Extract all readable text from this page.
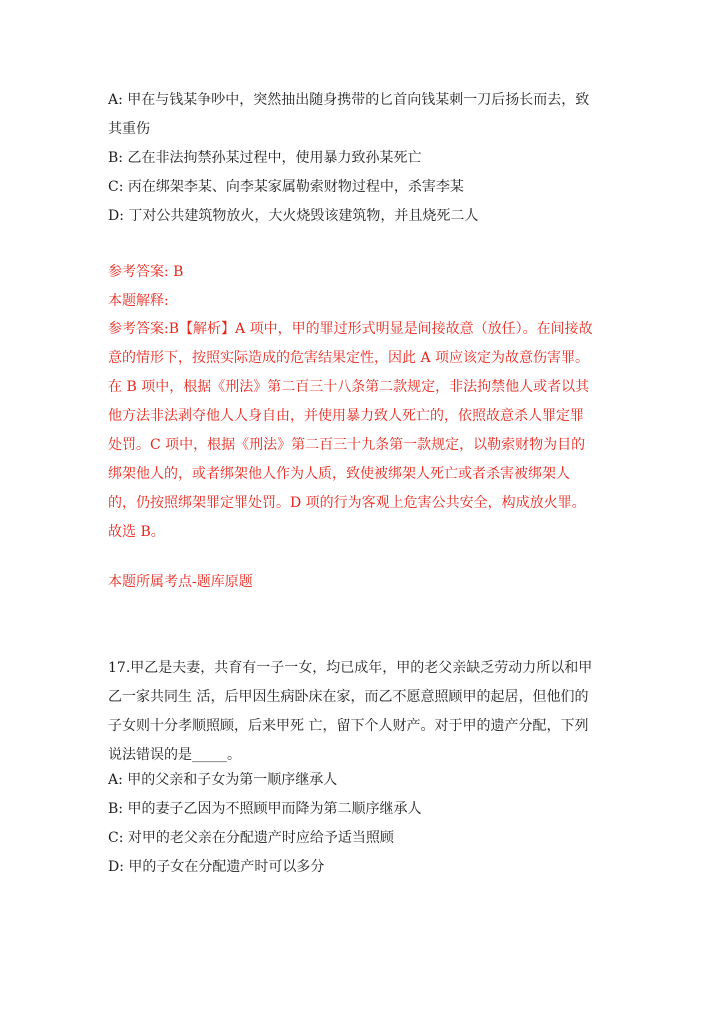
A: 甲在与钱某争吵中，突然抽出随身携带的匕首向钱某刺一刀后扬长而去，致
其重伤
B: 乙在非法拘禁孙某过程中，使用暴力致孙某死亡
C: 丙在绑架李某、向李某家属勒索财物过程中，杀害李某
D: 丁对公共建筑物放火，大火烧毁该建筑物，并且烧死二人
参考答案: B
本题解释:
参考答案:B【解析】A 项中，甲的罪过形式明显是间接故意（放任）。在间接故
意的情形下，按照实际造成的危害结果定性，因此 A 项应该定为故意伤害罪。
在 B 项中，根据《刑法》第二百三十八条第二款规定，非法拘禁他人或者以其
他方法非法剥夺他人人身自由，并使用暴力致人死亡的，依照故意杀人罪定罪
处罚。C 项中，根据《刑法》第二百三十九条第一款规定，以勒索财物为目的
绑架他人的，或者绑架他人作为人质，致使被绑架人死亡或者杀害被绑架人
的，仍按照绑架罪定罪处罚。D 项的行为客观上危害公共安全，构成放火罪。
故选 B。
本题所属考点-题库原题
17.甲乙是夫妻，共育有一子一女，均已成年，甲的老父亲缺乏劳动力所以和甲
乙一家共同生 活，后甲因生病卧床在家，而乙不愿意照顾甲的起居，但他们的
子女则十分孝顺照顾，后来甲死 亡，留下个人财产。对于甲的遗产分配，下列
说法错误的是_____。
A: 甲的父亲和子女为第一顺序继承人
B: 甲的妻子乙因为不照顾甲而降为第二顺序继承人
C: 对甲的老父亲在分配遗产时应给予适当照顾
D: 甲的子女在分配遗产时可以多分
